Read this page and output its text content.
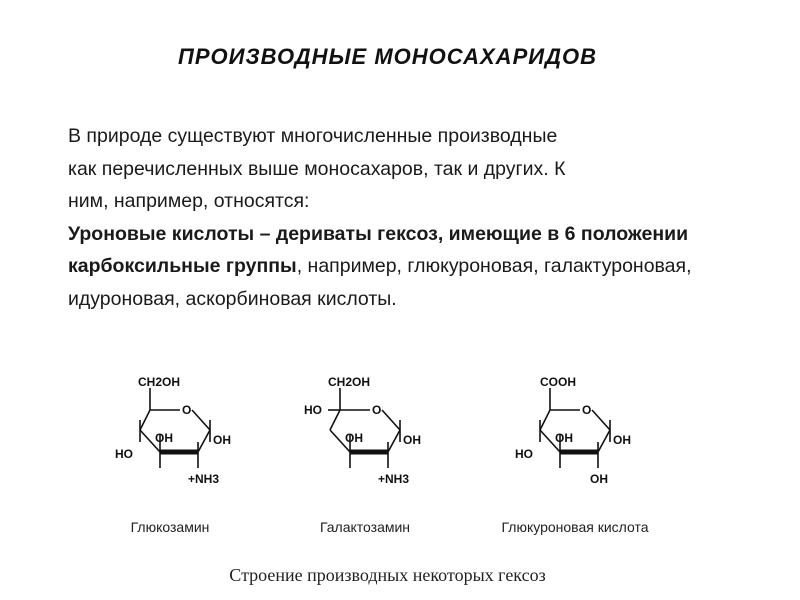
ПРОИЗВОДНЫЕ МОНОСАХАРИДОВ
В природе существуют многочисленные производные
как перечисленных выше моносахаров, так и других. К
ним, например, относятся:
Уроновые кислоты – дериваты гексоз, имеющие в 6 положении карбоксильные группы, например, глюкуроновая, галактуроновая, идуроновая, аскорбиновая кислоты.
CH2OH
O
OH
HO
OH
+NH3
CH2OH
HO	O
OH	OH
+NH3
COOH
O
OH
HO
OH
OH
Глюкозамин	Галактозамин	Глюкуроновая кислота
Строение производных некоторых гексоз
